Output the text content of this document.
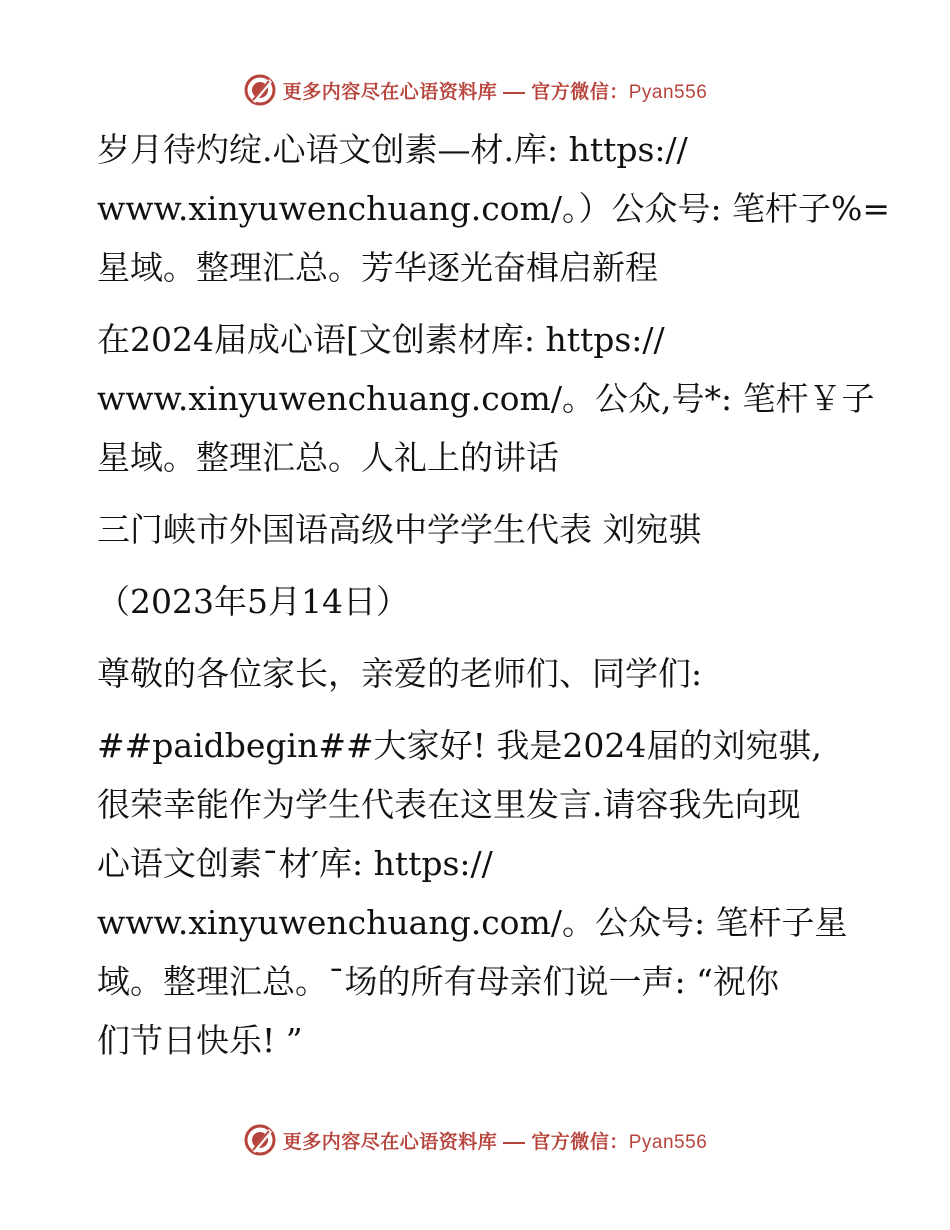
更多内容尽在心语资料库 官方微信：Pyan556
岁月待灼绽.心语文创素—材.库: https://
www.xinyuwenchuang.com/。）公众号: 笔杆子%=
星域。整理汇总。芳华逐光奋楫启新程
在2024届成心语[文创素材库: https://
www.xinyuwenchuang.com/。公众,号*: 笔杆￥子
星域。整理汇总。人礼上的讲话
三门峡市外国语高级中学学生代表 刘宛骐
（2023年5月14日）
尊敬的各位家长，亲爱的老师们、同学们:
##paidbegin##大家好! 我是2024届的刘宛骐,
很荣幸能作为学生代表在这里发言.请容我先向现
心语文创素¯材′库: https://
www.xinyuwenchuang.com/。公众号: 笔杆子星
域。整理汇总。¯场的所有母亲们说一声: “祝你
们节日快乐! ”
更多内容尽在心语资料库 官方微信：Pyan556
